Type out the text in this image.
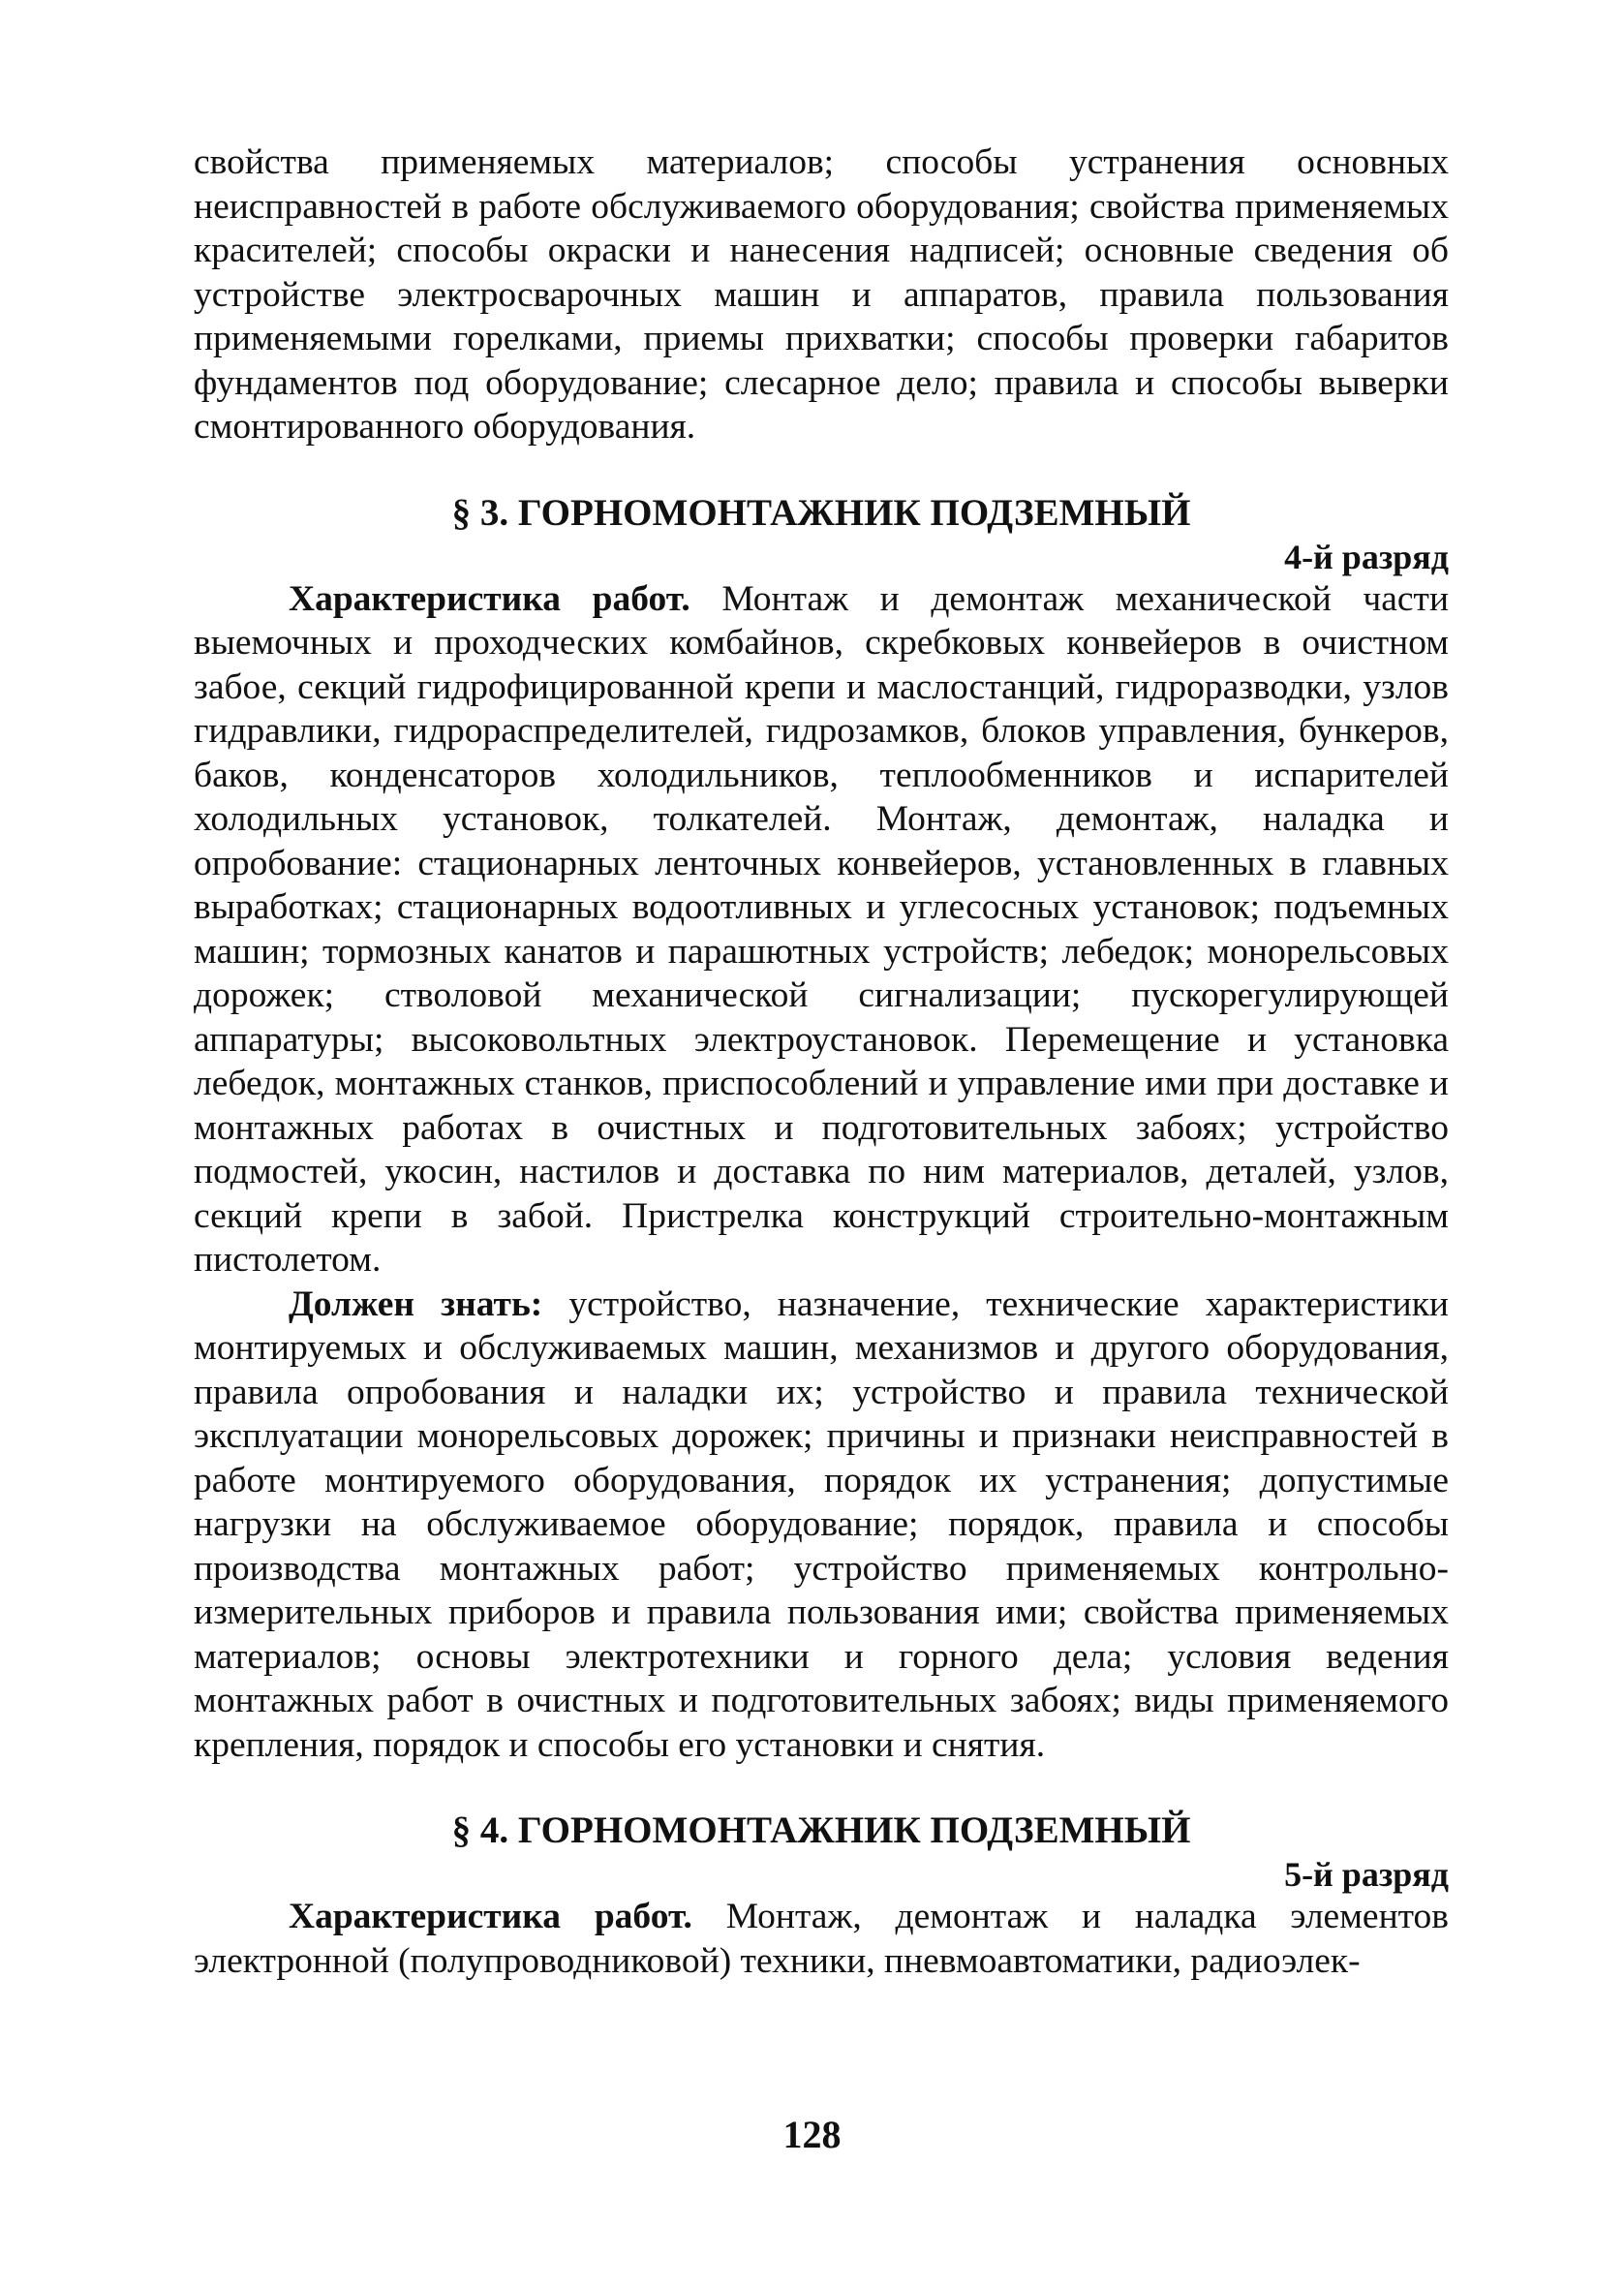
свойства применяемых материалов; способы устранения основных неисправностей в работе обслуживаемого оборудования; свойства применяемых красителей; способы окраски и нанесения надписей; основные сведения об устройстве электросварочных машин и аппаратов, правила пользования применяемыми горелками, приемы прихватки; способы проверки габаритов фундаментов под оборудование; слесарное дело; правила и способы выверки смонтированного оборудования.

§ 3. ГОРНОМОНТАЖНИК ПОДЗЕМНЫЙ

4-й разряд

Характеристика работ. Монтаж и демонтаж механической части выемочных и проходческих комбайнов, скребковых конвейеров в очистном забое, секций гидрофицированной крепи и маслостанций, гидроразводки, узлов гидравлики, гидрораспределителей, гидрозамков, блоков управления, бункеров, баков, конденсаторов холодильников, теплообменников и испарителей холодильных установок, толкателей. Монтаж, демонтаж, наладка и опробование: стационарных ленточных конвейеров, установленных в главных выработках; стационарных водоотливных и углесосных установок; подъемных машин; тормозных канатов и парашютных устройств; лебедок; монорельсовых дорожек; стволовой механической сигнализации; пускорегулирующей аппаратуры; высоковольтных электроустановок. Перемещение и установка лебедок, монтажных станков, приспособлений и управление ими при доставке и монтажных работах в очистных и подготовительных забоях; устройство подмостей, укосин, настилов и доставка по ним материалов, деталей, узлов, секций крепи в забой. Пристрелка конструкций строительно-монтажным пистолетом.

Должен знать: устройство, назначение, технические характеристики монтируемых и обслуживаемых машин, механизмов и другого оборудования, правила опробования и наладки их; устройство и правила технической эксплуатации монорельсовых дорожек; причины и признаки неисправностей в работе монтируемого оборудования, порядок их устранения; допустимые нагрузки на обслуживаемое оборудование; порядок, правила и способы производства монтажных работ; устройство применяемых контрольно-измерительных приборов и правила пользования ими; свойства применяемых материалов; основы электротехники и горного дела; условия ведения монтажных работ в очистных и подготовительных забоях; виды применяемого крепления, порядок и способы его установки и снятия.

§ 4. ГОРНОМОНТАЖНИК ПОДЗЕМНЫЙ

5-й разряд

Характеристика работ. Монтаж, демонтаж и наладка элементов электронной (полупроводниковой) техники, пневмоавтоматики, радиоэлек-

128
